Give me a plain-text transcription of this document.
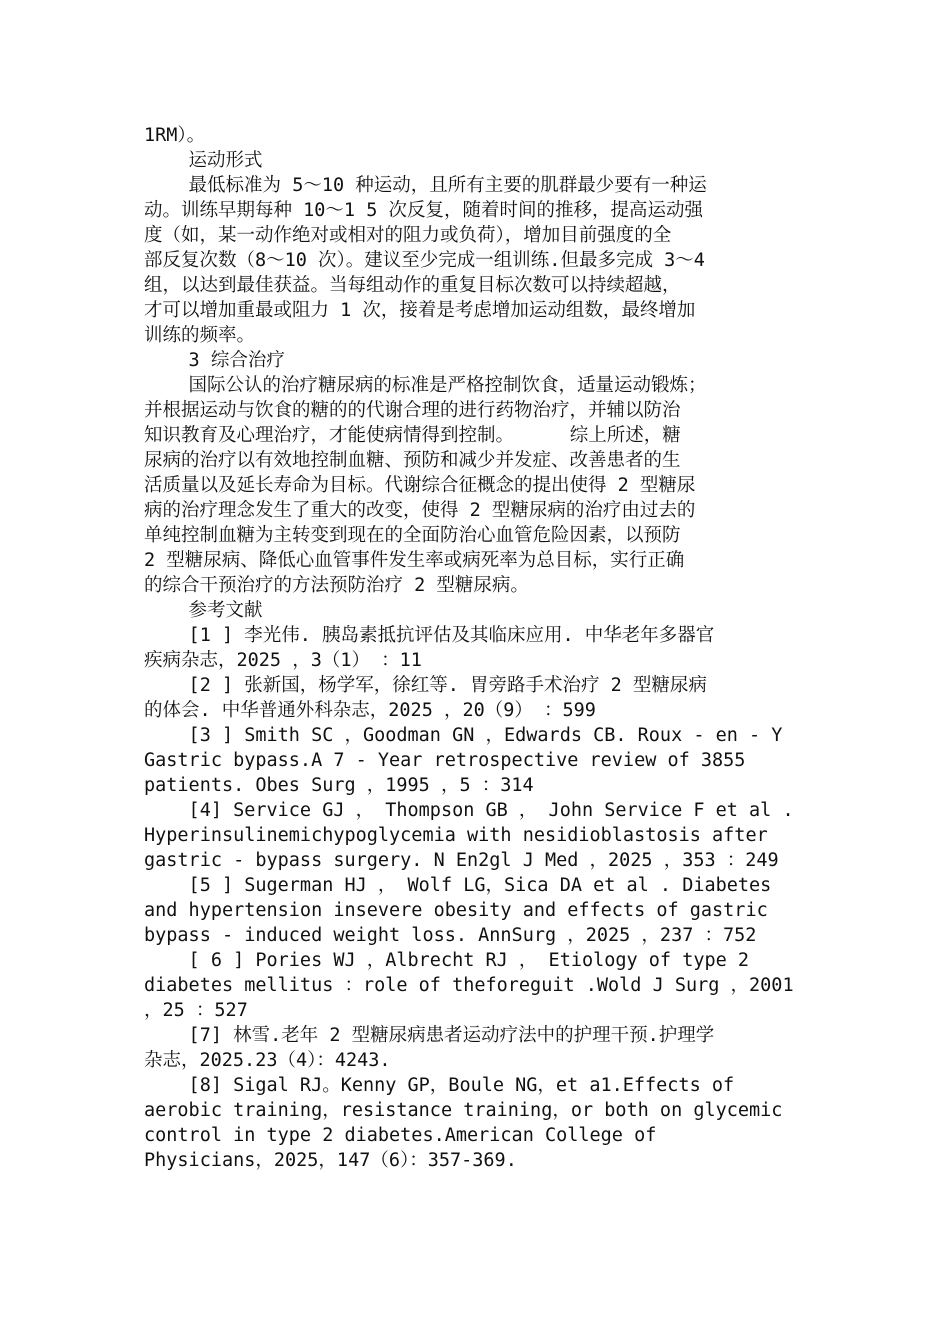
1RM）。
运动形式
最低标准为 5～10 种运动，且所有主要的肌群最少要有一种运
动。训练早期每种 10～1 5 次反复，随着时间的推移，提高运动强
度（如，某一动作绝对或相对的阻力或负荷），增加目前强度的全
部反复次数（8～10 次）。建议至少完成一组训练.但最多完成 3～4
组，以达到最佳获益。当每组动作的重复目标次数可以持续超越，
才可以增加重最或阻力 1 次，接着是考虑增加运动组数，最终增加
训练的频率。
3 综合治疗
国际公认的治疗糖尿病的标准是严格控制饮食，适量运动锻炼；
并根据运动与饮食的糖的的代谢合理的进行药物治疗，并辅以防治
知识教育及心理治疗，才能使病情得到控制。     综上所述，糖
尿病的治疗以有效地控制血糖、预防和减少并发症、改善患者的生
活质量以及延长寿命为目标。代谢综合征概念的提出使得 2 型糖尿
病的治疗理念发生了重大的改变，使得 2 型糖尿病的治疗由过去的
单纯控制血糖为主转变到现在的全面防治心血管危险因素，以预防
2 型糖尿病、降低心血管事件发生率或病死率为总目标，实行正确
的综合干预治疗的方法预防治疗 2 型糖尿病。
参考文献
[1 ] 李光伟. 胰岛素抵抗评估及其临床应用. 中华老年多器官
疾病杂志，2025 ，3（1） ：11
[2 ] 张新国，杨学军，徐红等. 胃旁路手术治疗 2 型糖尿病
的体会. 中华普通外科杂志，2025 ，20（9） ：599
[3 ] Smith SC ，Goodman GN ，Edwards CB. Roux - en - Y
Gastric bypass.A 7 - Year retrospective review of 3855
patients. Obes Surg ，1995 ，5 ：314
[4] Service GJ ， Thompson GB ， John Service F et al .
Hyperinsulinemichypoglycemia with nesidioblastosis after
gastric - bypass surgery. N En2gl J Med ，2025 ，353 ：249
[5 ] Sugerman HJ ， Wolf LG，Sica DA et al . Diabetes
and hypertension insevere obesity and effects of gastric
bypass - induced weight loss. AnnSurg ，2025 ，237 ：752
[ 6 ] Pories WJ ，Albrecht RJ ， Etiology of type 2
diabetes mellitus ：role of theforeguit .Wold J Surg ，2001
，25 ：527
[7] 林雪.老年 2 型糖尿病患者运动疗法中的护理干预.护理学
杂志，2025.23（4）：4243.
[8] Sigal RJ。Kenny GP，Boule NG，et a1.Effects of
aerobic training，resistance training，or both on glycemic
control in type 2 diabetes.American College of
Physicians，2025，147（6）：357-369.
